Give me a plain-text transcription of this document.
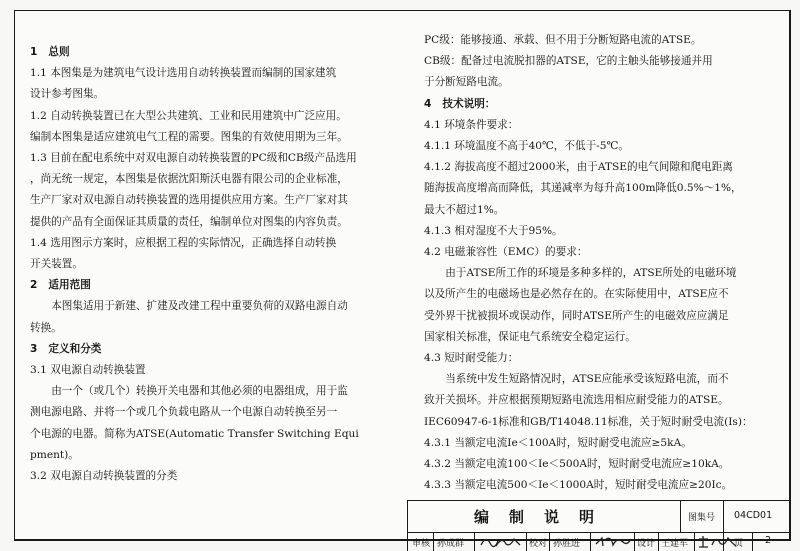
1   总则

1.1 本图集是为建筑电气设计选用自动转换装置而编制的国家建筑

设计参考图集。

1.2 自动转换装置已在大型公共建筑、工业和民用建筑中广泛应用。

编制本图集是适应建筑电气工程的需要。图集的有效使用期为三年。

1.3 目前在配电系统中对双电源自动转换装置的PC级和CB级产品选用

，尚无统一规定，本图集是依据沈阳斯沃电器有限公司的企业标准，

生产厂家对双电源自动转换装置的选用提供应用方案。生产厂家对其

提供的产品有全面保证其质量的责任，编制单位对图集的内容负责。

1.4 选用图示方案时，应根据工程的实际情况，正确选择自动转换

开关装置。

2   适用范围

本图集适用于新建、扩建及改建工程中重要负荷的双路电源自动

转换。

3   定义和分类

3.1 双电源自动转换装置

由一个（或几个）转换开关电器和其他必须的电器组成，用于监

测电源电路、并将一个或几个负载电路从一个电源自动转换至另一

个电源的电器。简称为ATSE(Automatic Transfer Switching Equi

pment)。

3.2 双电源自动转换装置的分类

PC级：能够接通、承载、但不用于分断短路电流的ATSE。

CB级：配备过电流脱扣器的ATSE，它的主触头能够接通并用

于分断短路电流。

4   技术说明：

4.1 环境条件要求：

4.1.1 环境温度不高于40℃，不低于-5℃。

4.1.2 海拔高度不超过2000米，由于ATSE的电气间隙和爬电距离

随海拔高度增高而降低，其递减率为每升高100m降低0.5%～1%，

最大不超过1%。

4.1.3 相对湿度不大于95%。

4.2 电磁兼容性（EMC）的要求：

由于ATSE所工作的环境是多种多样的，ATSE所处的电磁环境

以及所产生的电磁场也是必然存在的。在实际使用中，ATSE应不

受外界干扰被损坏或误动作，同时ATSE所产生的电磁效应应满足

国家相关标准，保证电气系统安全稳定运行。

4.3 短时耐受能力：

当系统中发生短路情况时，ATSE应能承受该短路电流，而不

致开关损坏。并应根据预期短路电流选用相应耐受能力的ATSE。

IEC60947-6-1标准和GB/T14048.11标准，关于短时耐受电流(Is)：

4.3.1 当额定电流Ie＜100A时，短时耐受电流应≥5kA。

4.3.2 当额定电流100＜Ie＜500A时，短时耐受电流应≥10kA。

4.3.3 当额定电流500＜Ie＜1000A时，短时耐受电流应≥20Ic。

编制说明	图集号 04CD01
审核 孙成群	校对 孙胜进	设计 王建军	页 2
